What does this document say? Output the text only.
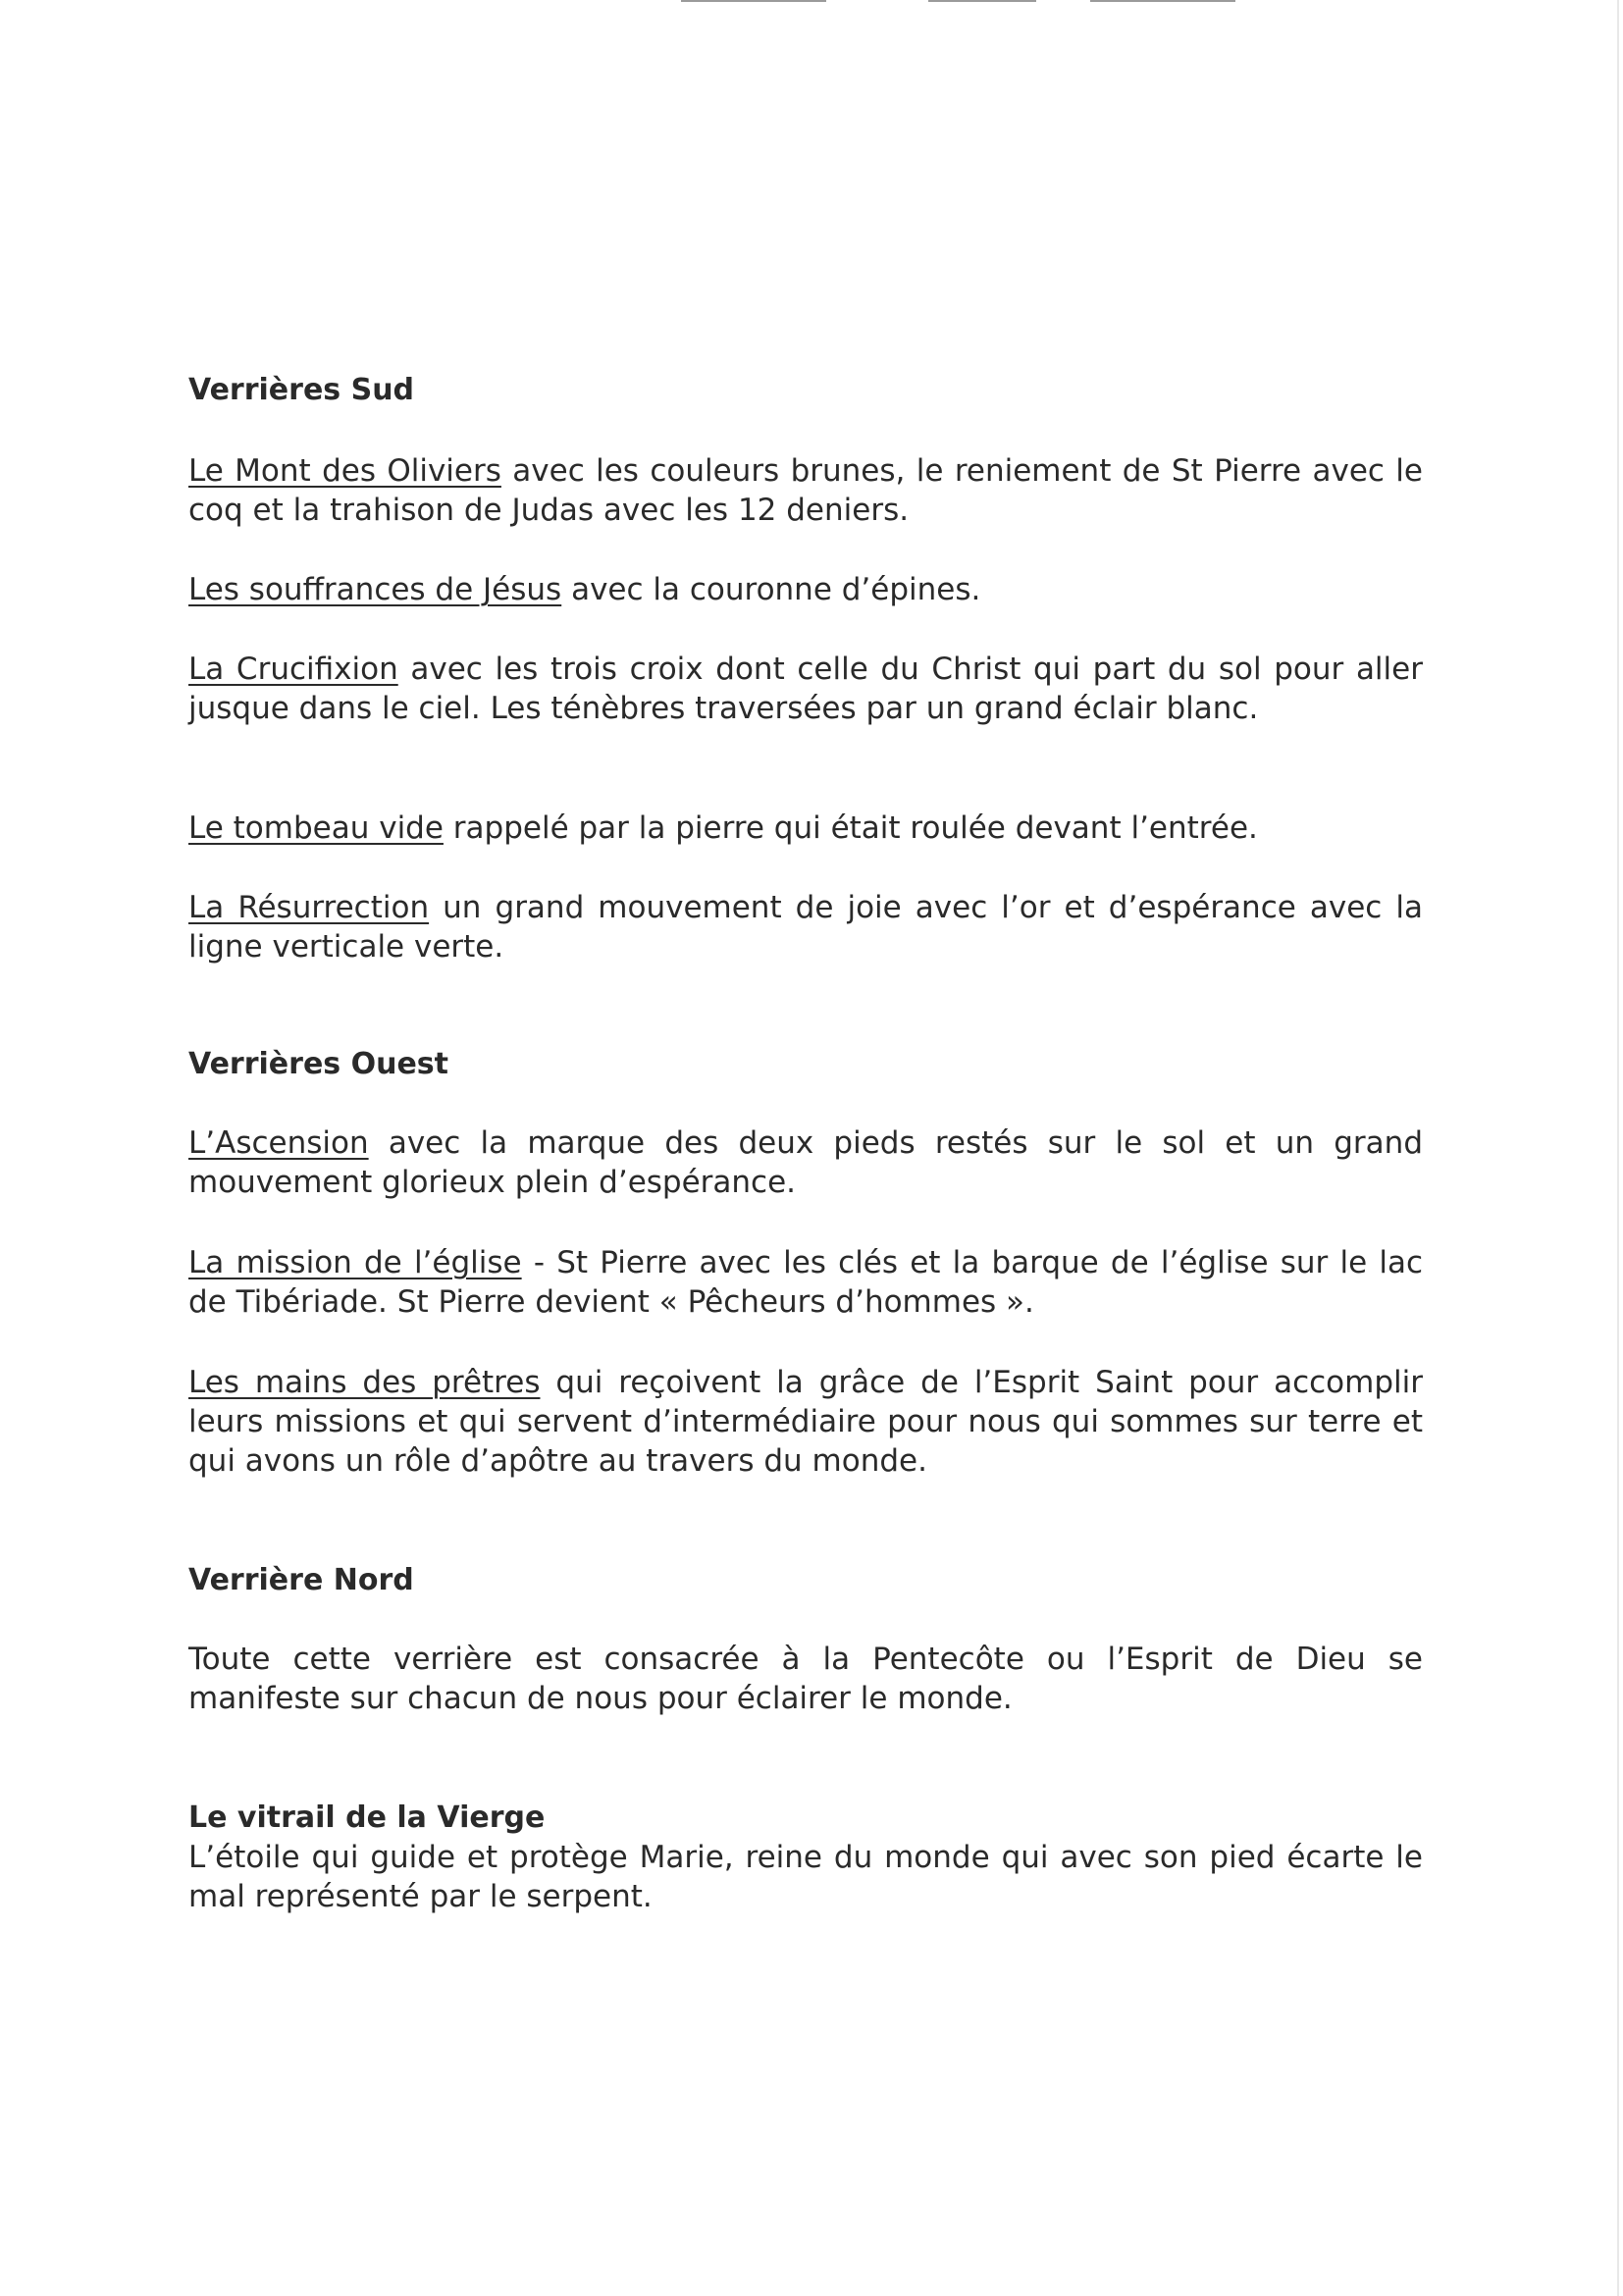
Verrières Sud

Le Mont des Oliviers avec les couleurs brunes, le reniement de St Pierre avec le coq et la trahison de Judas avec les 12 deniers.

Les souffrances de Jésus avec la couronne d’épines.

La Crucifixion avec les trois croix dont celle du Christ qui part du sol pour aller jusque dans le ciel. Les ténèbres traversées par un grand éclair blanc.

Le tombeau vide rappelé par la pierre qui était roulée devant l’entrée.

La Résurrection un grand mouvement de joie avec l’or et d’espérance avec la ligne verticale verte.

Verrières Ouest

L’Ascension avec la marque des deux pieds restés sur le sol et un grand mouvement glorieux plein d’espérance.

La mission de l’église - St Pierre avec les clés et la barque de l’église sur le lac de Tibériade. St Pierre devient « Pêcheurs d’hommes ».

Les mains des prêtres qui reçoivent la grâce de l’Esprit Saint pour accomplir leurs missions et qui servent d’intermédiaire pour nous qui sommes sur terre et qui avons un rôle d’apôtre au travers du monde.

Verrière Nord

Toute cette verrière est consacrée à la Pentecôte ou l’Esprit de Dieu se manifeste sur chacun de nous pour éclairer le monde.

Le vitrail de la Vierge

L’étoile qui guide et protège Marie, reine du monde qui avec son pied écarte le mal représenté par le serpent.
